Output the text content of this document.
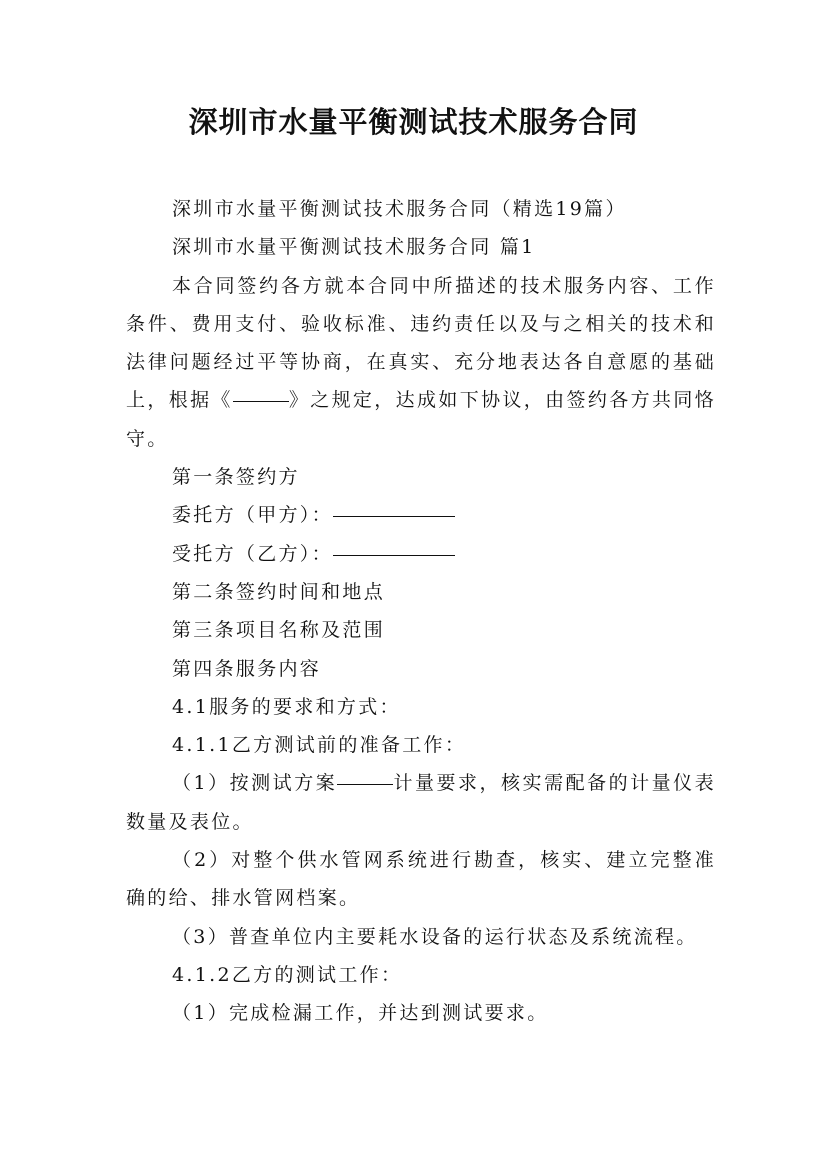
深圳市水量平衡测试技术服务合同

深圳市水量平衡测试技术服务合同（精选19篇）

深圳市水量平衡测试技术服务合同 篇1

本合同签约各方就本合同中所描述的技术服务内容、工作条件、费用支付、验收标准、违约责任以及与之相关的技术和法律问题经过平等协商，在真实、充分地表达各自意愿的基础上，根据《	》之规定，达成如下协议，由签约各方共同恪守。

第一条签约方

委托方（甲方）：

受托方（乙方）：

第二条签约时间和地点

第三条项目名称及范围

第四条服务内容

4.1服务的要求和方式：

4.1.1乙方测试前的准备工作：

（1）按测试方案	计量要求，核实需配备的计量仪表数量及表位。

（2）对整个供水管网系统进行勘查，核实、建立完整准确的给、排水管网档案。

（3）普查单位内主要耗水设备的运行状态及系统流程。

4.1.2乙方的测试工作：

（1）完成检漏工作，并达到测试要求。
